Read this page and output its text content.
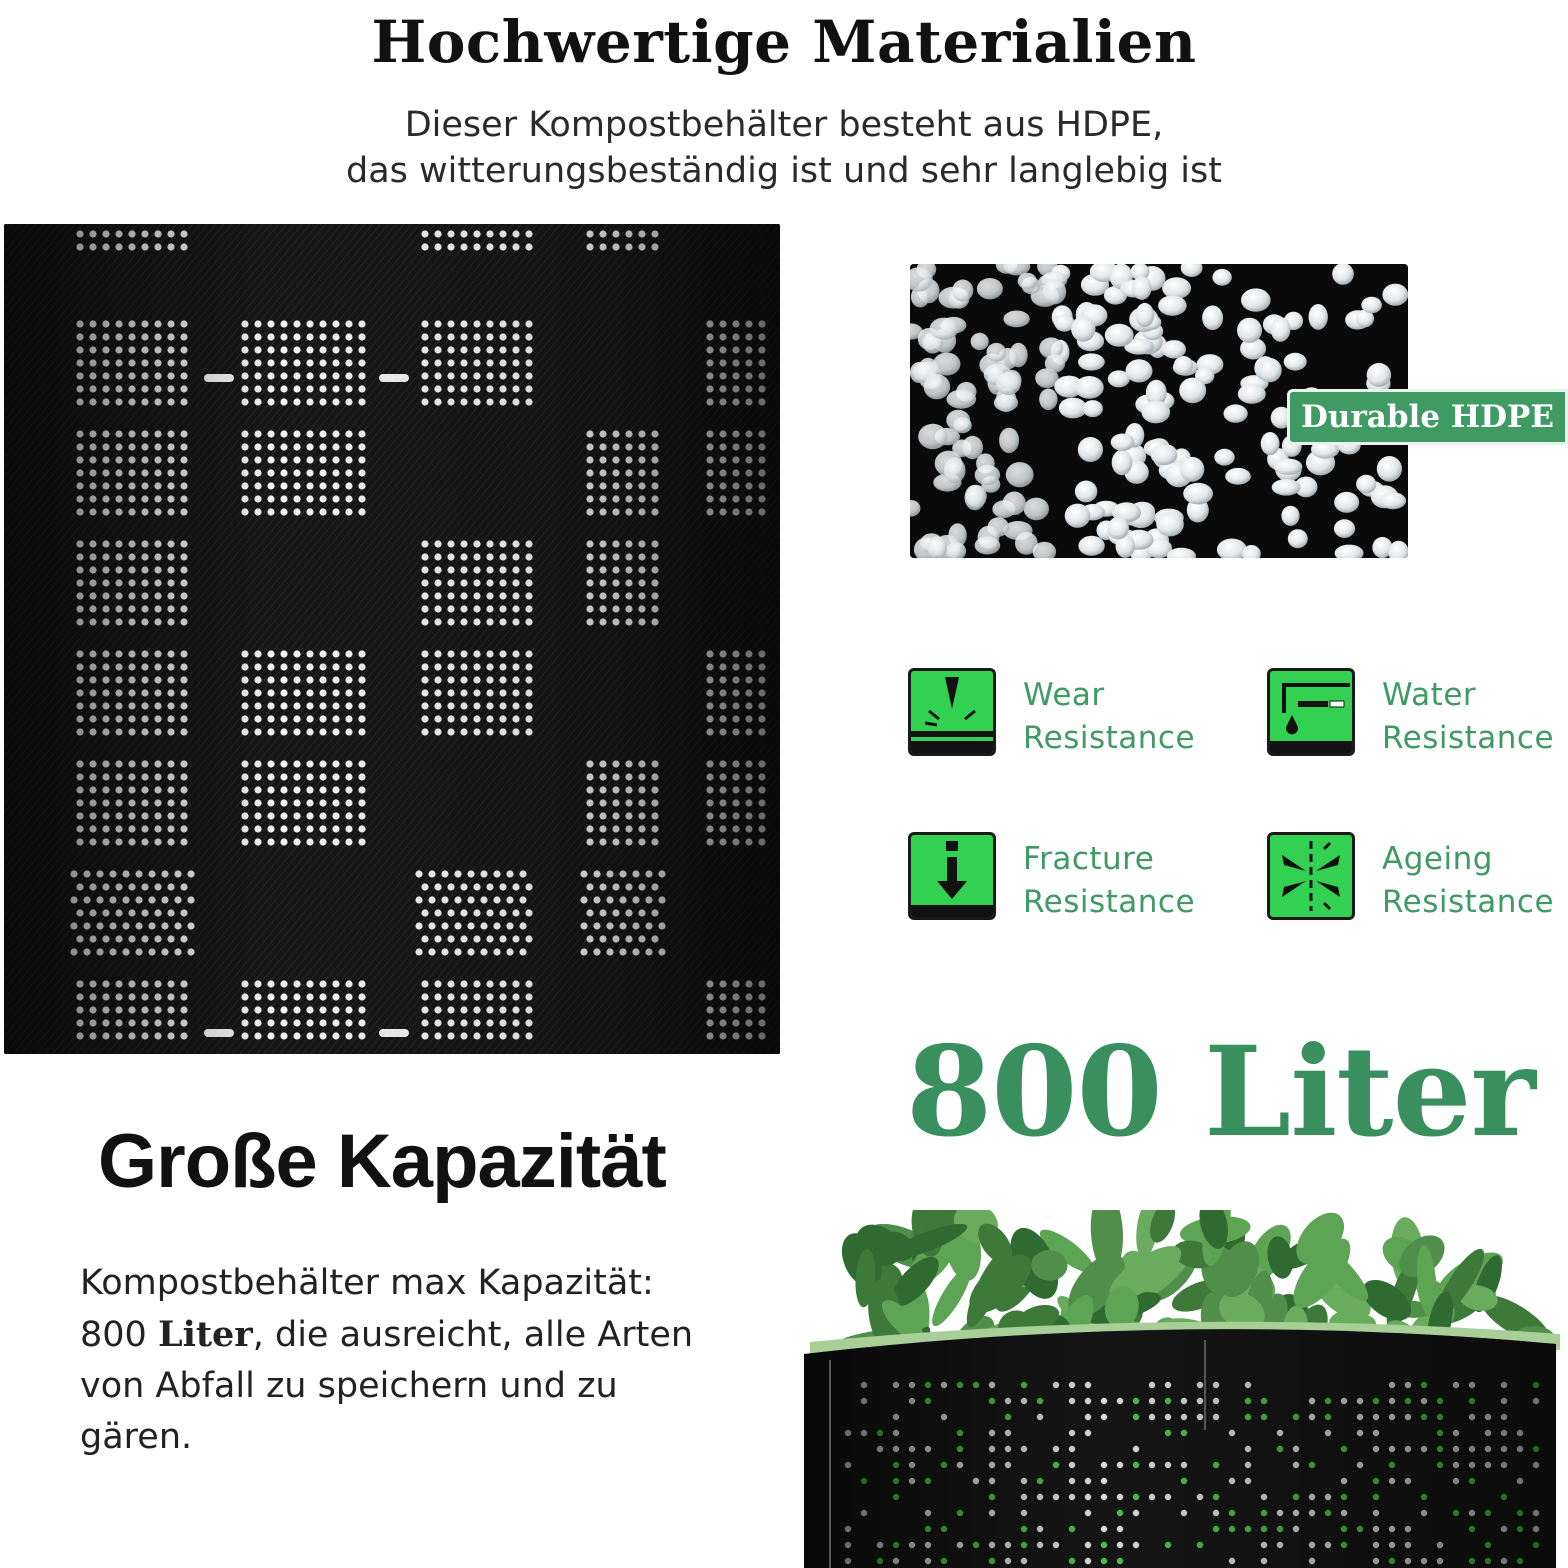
Hochwertige Materialien
Dieser Kompostbehälter besteht aus HDPE,
das witterungsbeständig ist und sehr langlebig ist
Durable HDPE
Wear
Resistance
Water
Resistance
Fracture
Resistance
Ageing
Resistance
800 Liter
Große Kapazität
Kompostbehälter max Kapazität:
800 Liter, die ausreicht, alle Arten von Abfall zu speichern und zu gären.
